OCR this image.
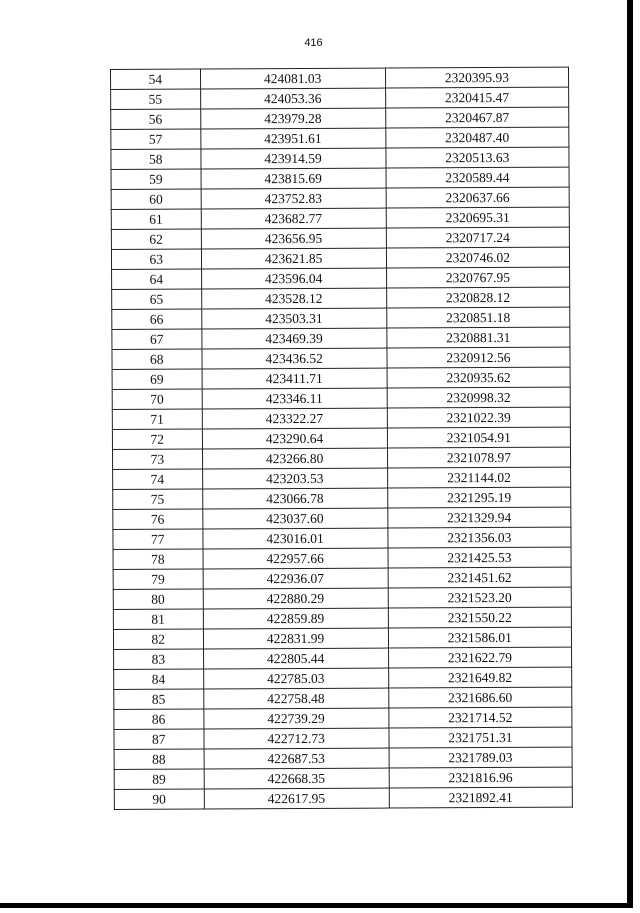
416
54	424081.03	2320395.93
55	424053.36	2320415.47
56	423979.28	2320467.87
57	423951.61	2320487.40
58	423914.59	2320513.63
59	423815.69	2320589.44
60	423752.83	2320637.66
61	423682.77	2320695.31
62	423656.95	2320717.24
63	423621.85	2320746.02
64	423596.04	2320767.95
65	423528.12	2320828.12
66	423503.31	2320851.18
67	423469.39	2320881.31
68	423436.52	2320912.56
69	423411.71	2320935.62
70	423346.11	2320998.32
71	423322.27	2321022.39
72	423290.64	2321054.91
73	423266.80	2321078.97
74	423203.53	2321144.02
75	423066.78	2321295.19
76	423037.60	2321329.94
77	423016.01	2321356.03
78	422957.66	2321425.53
79	422936.07	2321451.62
80	422880.29	2321523.20
81	422859.89	2321550.22
82	422831.99	2321586.01
83	422805.44	2321622.79
84	422785.03	2321649.82
85	422758.48	2321686.60
86	422739.29	2321714.52
87	422712.73	2321751.31
88	422687.53	2321789.03
89	422668.35	2321816.96
90	422617.95	2321892.41
